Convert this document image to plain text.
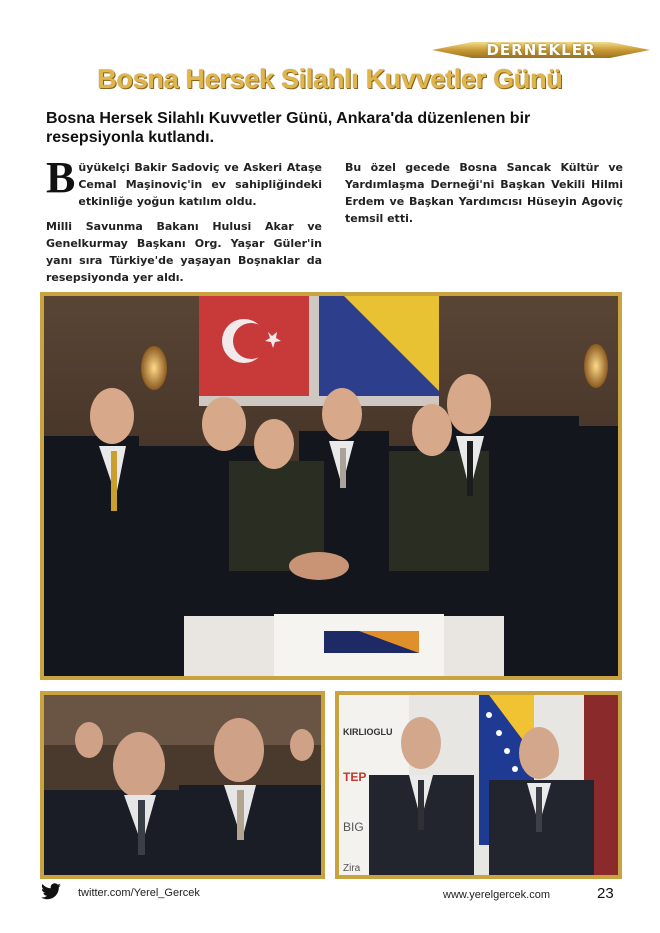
DERNEKLER
Bosna Hersek Silahlı Kuvvetler Günü
Bosna Hersek Silahlı Kuvvetler Günü, Ankara'da düzenlenen bir resepsiyonla kutlandı.

Büyükelçi Bakir Sadoviç ve Askeri Ataşe Cemal Maşinoviç'in ev sahipliğindeki etkinliğe yoğun katılım oldu.

Milli Savunma Bakanı Hulusi Akar ve Genelkurmay Başkanı Org. Yaşar Güler'in yanı sıra Türkiye'de yaşayan Boşnaklar da resepsiyonda yer aldı.

Bu özel gecede Bosna Sancak Kültür ve Yardımlaşma Derneği'ni Başkan Vekili Hilmi Erdem ve Başkan Yardımcısı Hüseyin Agoviç temsil etti.

KIRLIOGLU
TEP
BIG
Zira
twitter.com/Yerel_Gercek	www.yerelgercek.com	23
